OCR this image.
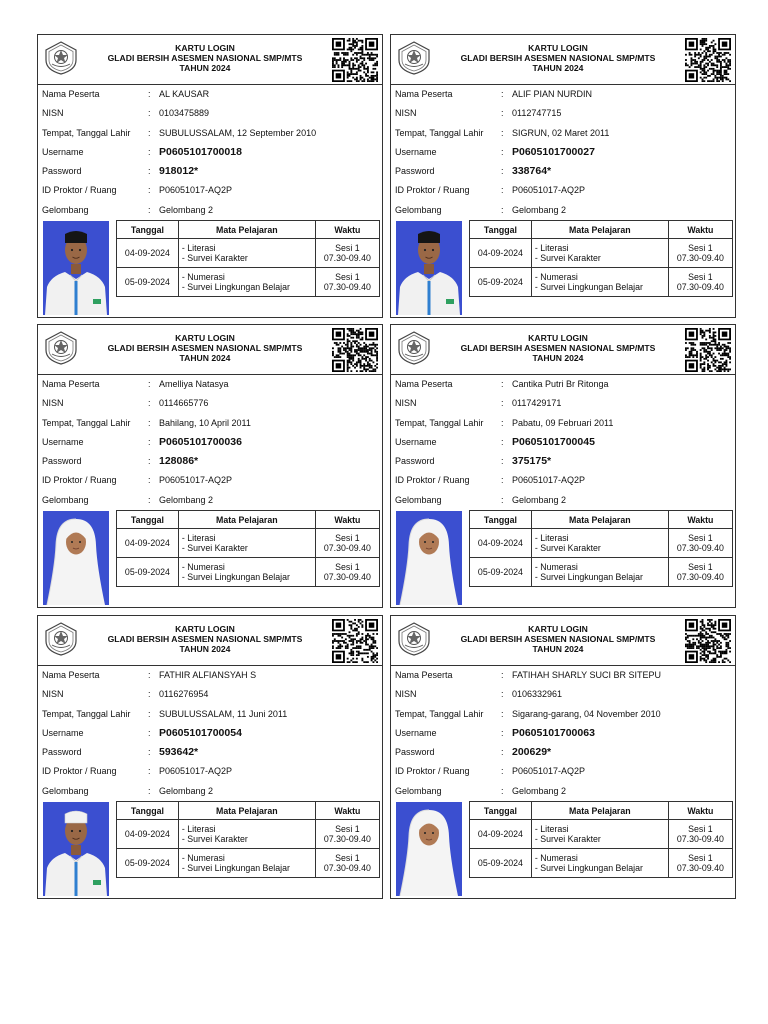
KARTU LOGIN
GLADI BERSIH ASESMEN NASIONAL SMP/MTS
TAHUN 2024
Nama Peserta	: AL KAUSAR
NISN	: 0103475889
Tempat, Tanggal Lahir : SUBULUSSALAM, 12 September 2010
Username	: P0605101700018
Password	: 918012*
ID Proktor / Ruang	: P06051017-AQ2P
Gelombang	: Gelombang 2
Tanggal	Mata Pelajaran	Waktu
04-09-2024	- Literasi
- Survei Karakter	Sesi 1
07.30-09.40

05-09-2024	- Numerasi
- Survei Lingkungan Belajar	Sesi 1
07.30-09.40
KARTU LOGIN
GLADI BERSIH ASESMEN NASIONAL SMP/MTS
TAHUN 2024
Nama Peserta	: ALIF PIAN NURDIN
NISN	: 0112747715
Tempat, Tanggal Lahir : SIGRUN, 02 Maret 2011
Username	: P0605101700027
Password	: 338764*
ID Proktor / Ruang	: P06051017-AQ2P
Gelombang	: Gelombang 2
Tanggal	Mata Pelajaran	Waktu
04-09-2024	- Literasi
- Survei Karakter	Sesi 1
07.30-09.40

05-09-2024	- Numerasi
- Survei Lingkungan Belajar	Sesi 1
07.30-09.40
KARTU LOGIN
GLADI BERSIH ASESMEN NASIONAL SMP/MTS
TAHUN 2024
Nama Peserta	: Amelliya Natasya
NISN	: 0114665776
Tempat, Tanggal Lahir : Bahilang, 10 April 2011
Username	: P0605101700036
Password	: 128086*
ID Proktor / Ruang	: P06051017-AQ2P
Gelombang	: Gelombang 2
Tanggal	Mata Pelajaran	Waktu
04-09-2024	- Literasi
- Survei Karakter	Sesi 1
07.30-09.40

05-09-2024	- Numerasi
- Survei Lingkungan Belajar	Sesi 1
07.30-09.40
KARTU LOGIN
GLADI BERSIH ASESMEN NASIONAL SMP/MTS
TAHUN 2024
Nama Peserta	: Cantika Putri Br Ritonga
NISN	: 0117429171
Tempat, Tanggal Lahir : Pabatu, 09 Februari 2011
Username	: P0605101700045
Password	: 375175*
ID Proktor / Ruang	: P06051017-AQ2P
Gelombang	: Gelombang 2
Tanggal	Mata Pelajaran	Waktu
04-09-2024	- Literasi
- Survei Karakter	Sesi 1
07.30-09.40

05-09-2024	- Numerasi
- Survei Lingkungan Belajar	Sesi 1
07.30-09.40
KARTU LOGIN
GLADI BERSIH ASESMEN NASIONAL SMP/MTS
TAHUN 2024
Nama Peserta	: FATHIR ALFIANSYAH S
NISN	: 0116276954
Tempat, Tanggal Lahir : SUBULUSSALAM, 11 Juni 2011
Username	: P0605101700054
Password	: 593642*
ID Proktor / Ruang	: P06051017-AQ2P
Gelombang	: Gelombang 2
Tanggal	Mata Pelajaran	Waktu
04-09-2024	- Literasi
- Survei Karakter	Sesi 1
07.30-09.40

05-09-2024	- Numerasi
- Survei Lingkungan Belajar	Sesi 1
07.30-09.40
KARTU LOGIN
GLADI BERSIH ASESMEN NASIONAL SMP/MTS
TAHUN 2024
Nama Peserta	: FATIHAH SHARLY SUCI BR SITEPU
NISN	: 0106332961
Tempat, Tanggal Lahir : Sigarang-garang, 04 November 2010
Username	: P0605101700063
Password	: 200629*
ID Proktor / Ruang	: P06051017-AQ2P
Gelombang	: Gelombang 2
Tanggal	Mata Pelajaran	Waktu
04-09-2024	- Literasi
- Survei Karakter	Sesi 1
07.30-09.40

05-09-2024	- Numerasi
- Survei Lingkungan Belajar	Sesi 1
07.30-09.40
